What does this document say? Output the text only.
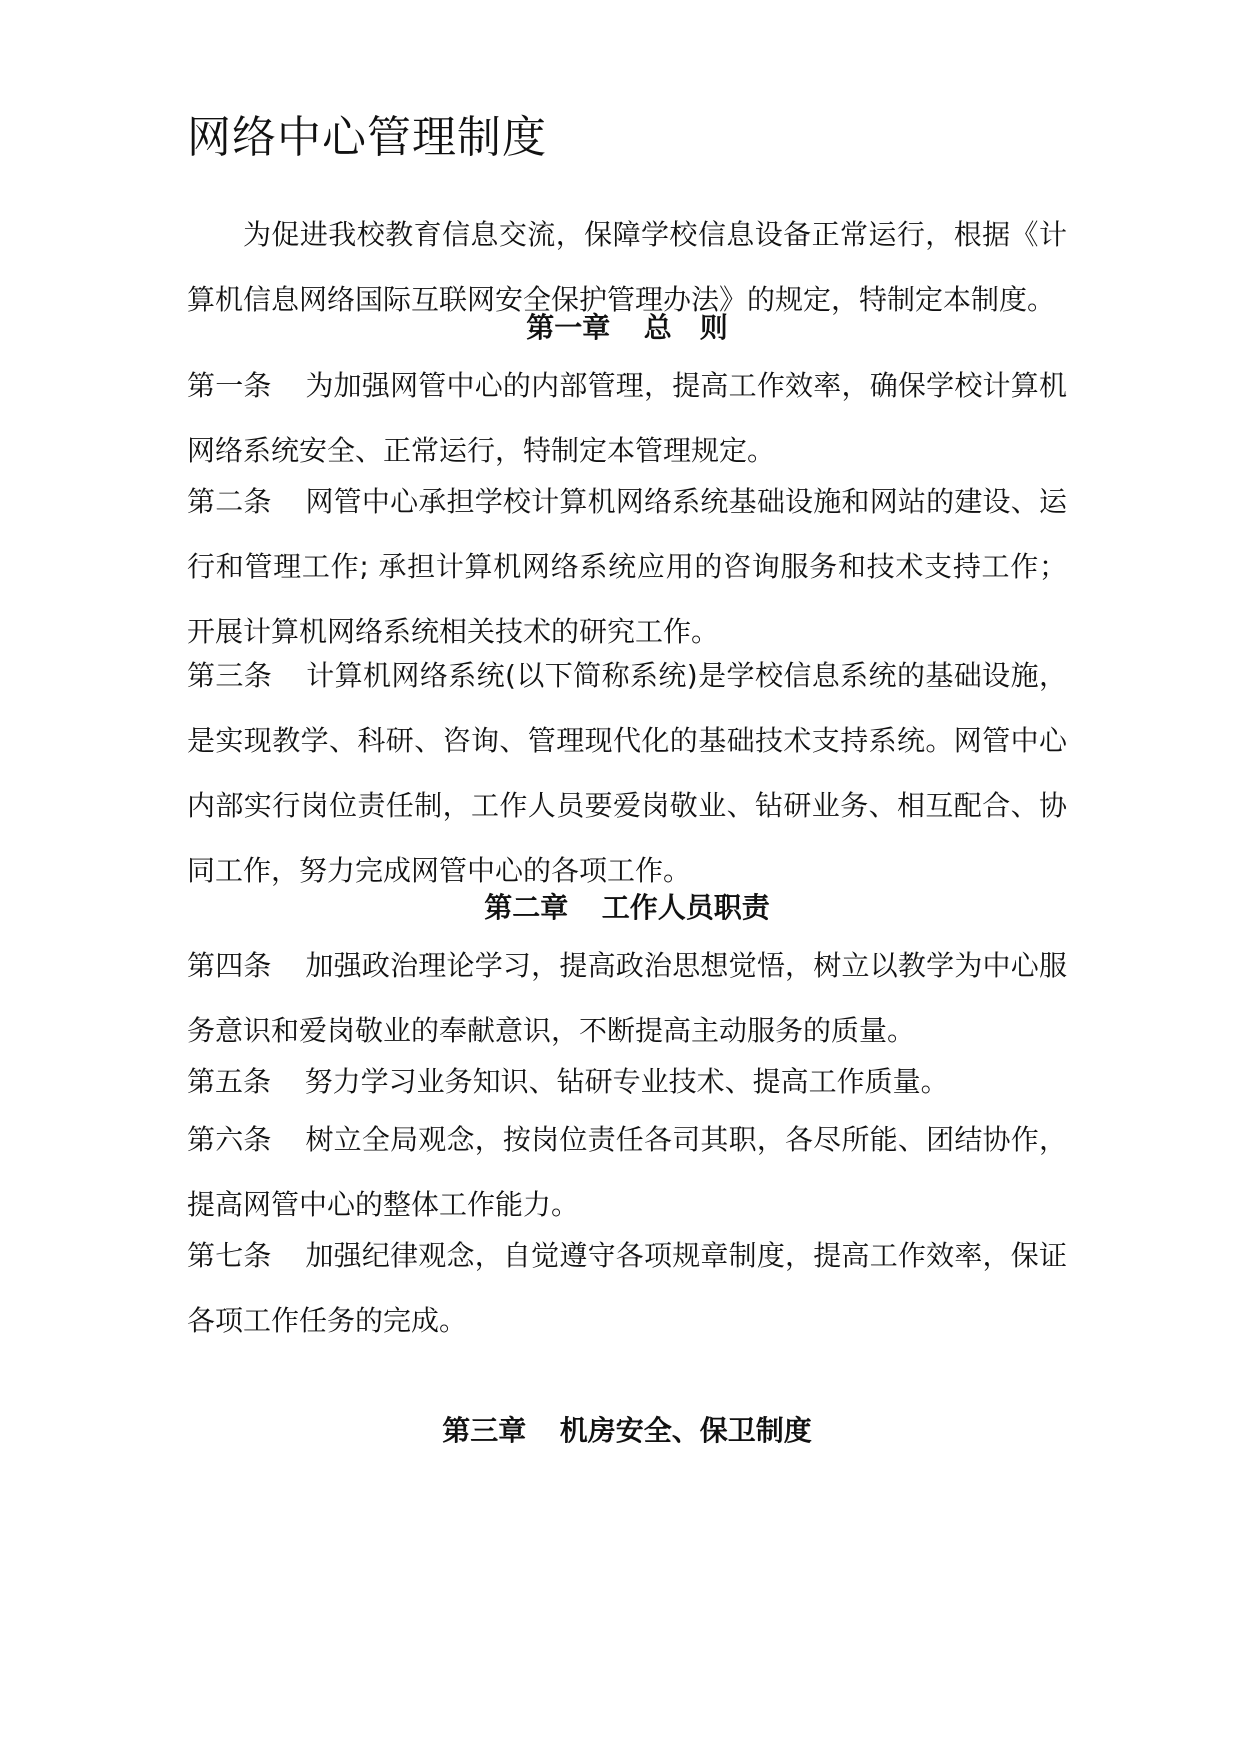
网络中心管理制度

为促进我校教育信息交流，保障学校信息设备正常运行，根据《计算机信息网络国际互联网安全保护管理办法》的规定，特制定本制度。

第一章 总　则

第一条 为加强网管中心的内部管理，提高工作效率，确保学校计算机网络系统安全、正常运行，特制定本管理规定。

第二条 网管中心承担学校计算机网络系统基础设施和网站的建设、运行和管理工作; 承担计算机网络系统应用的咨询服务和技术支持工作；开展计算机网络系统相关技术的研究工作。

第三条 计算机网络系统(以下简称系统)是学校信息系统的基础设施，是实现教学、科研、咨询、管理现代化的基础技术支持系统。网管中心内部实行岗位责任制，工作人员要爱岗敬业、钻研业务、相互配合、协同工作，努力完成网管中心的各项工作。

第二章 工作人员职责

第四条 加强政治理论学习，提高政治思想觉悟，树立以教学为中心服务意识和爱岗敬业的奉献意识，不断提高主动服务的质量。

第五条 努力学习业务知识、钻研专业技术、提高工作质量。

第六条 树立全局观念，按岗位责任各司其职，各尽所能、团结协作，提高网管中心的整体工作能力。

第七条 加强纪律观念，自觉遵守各项规章制度，提高工作效率，保证各项工作任务的完成。

第三章 机房安全、保卫制度
